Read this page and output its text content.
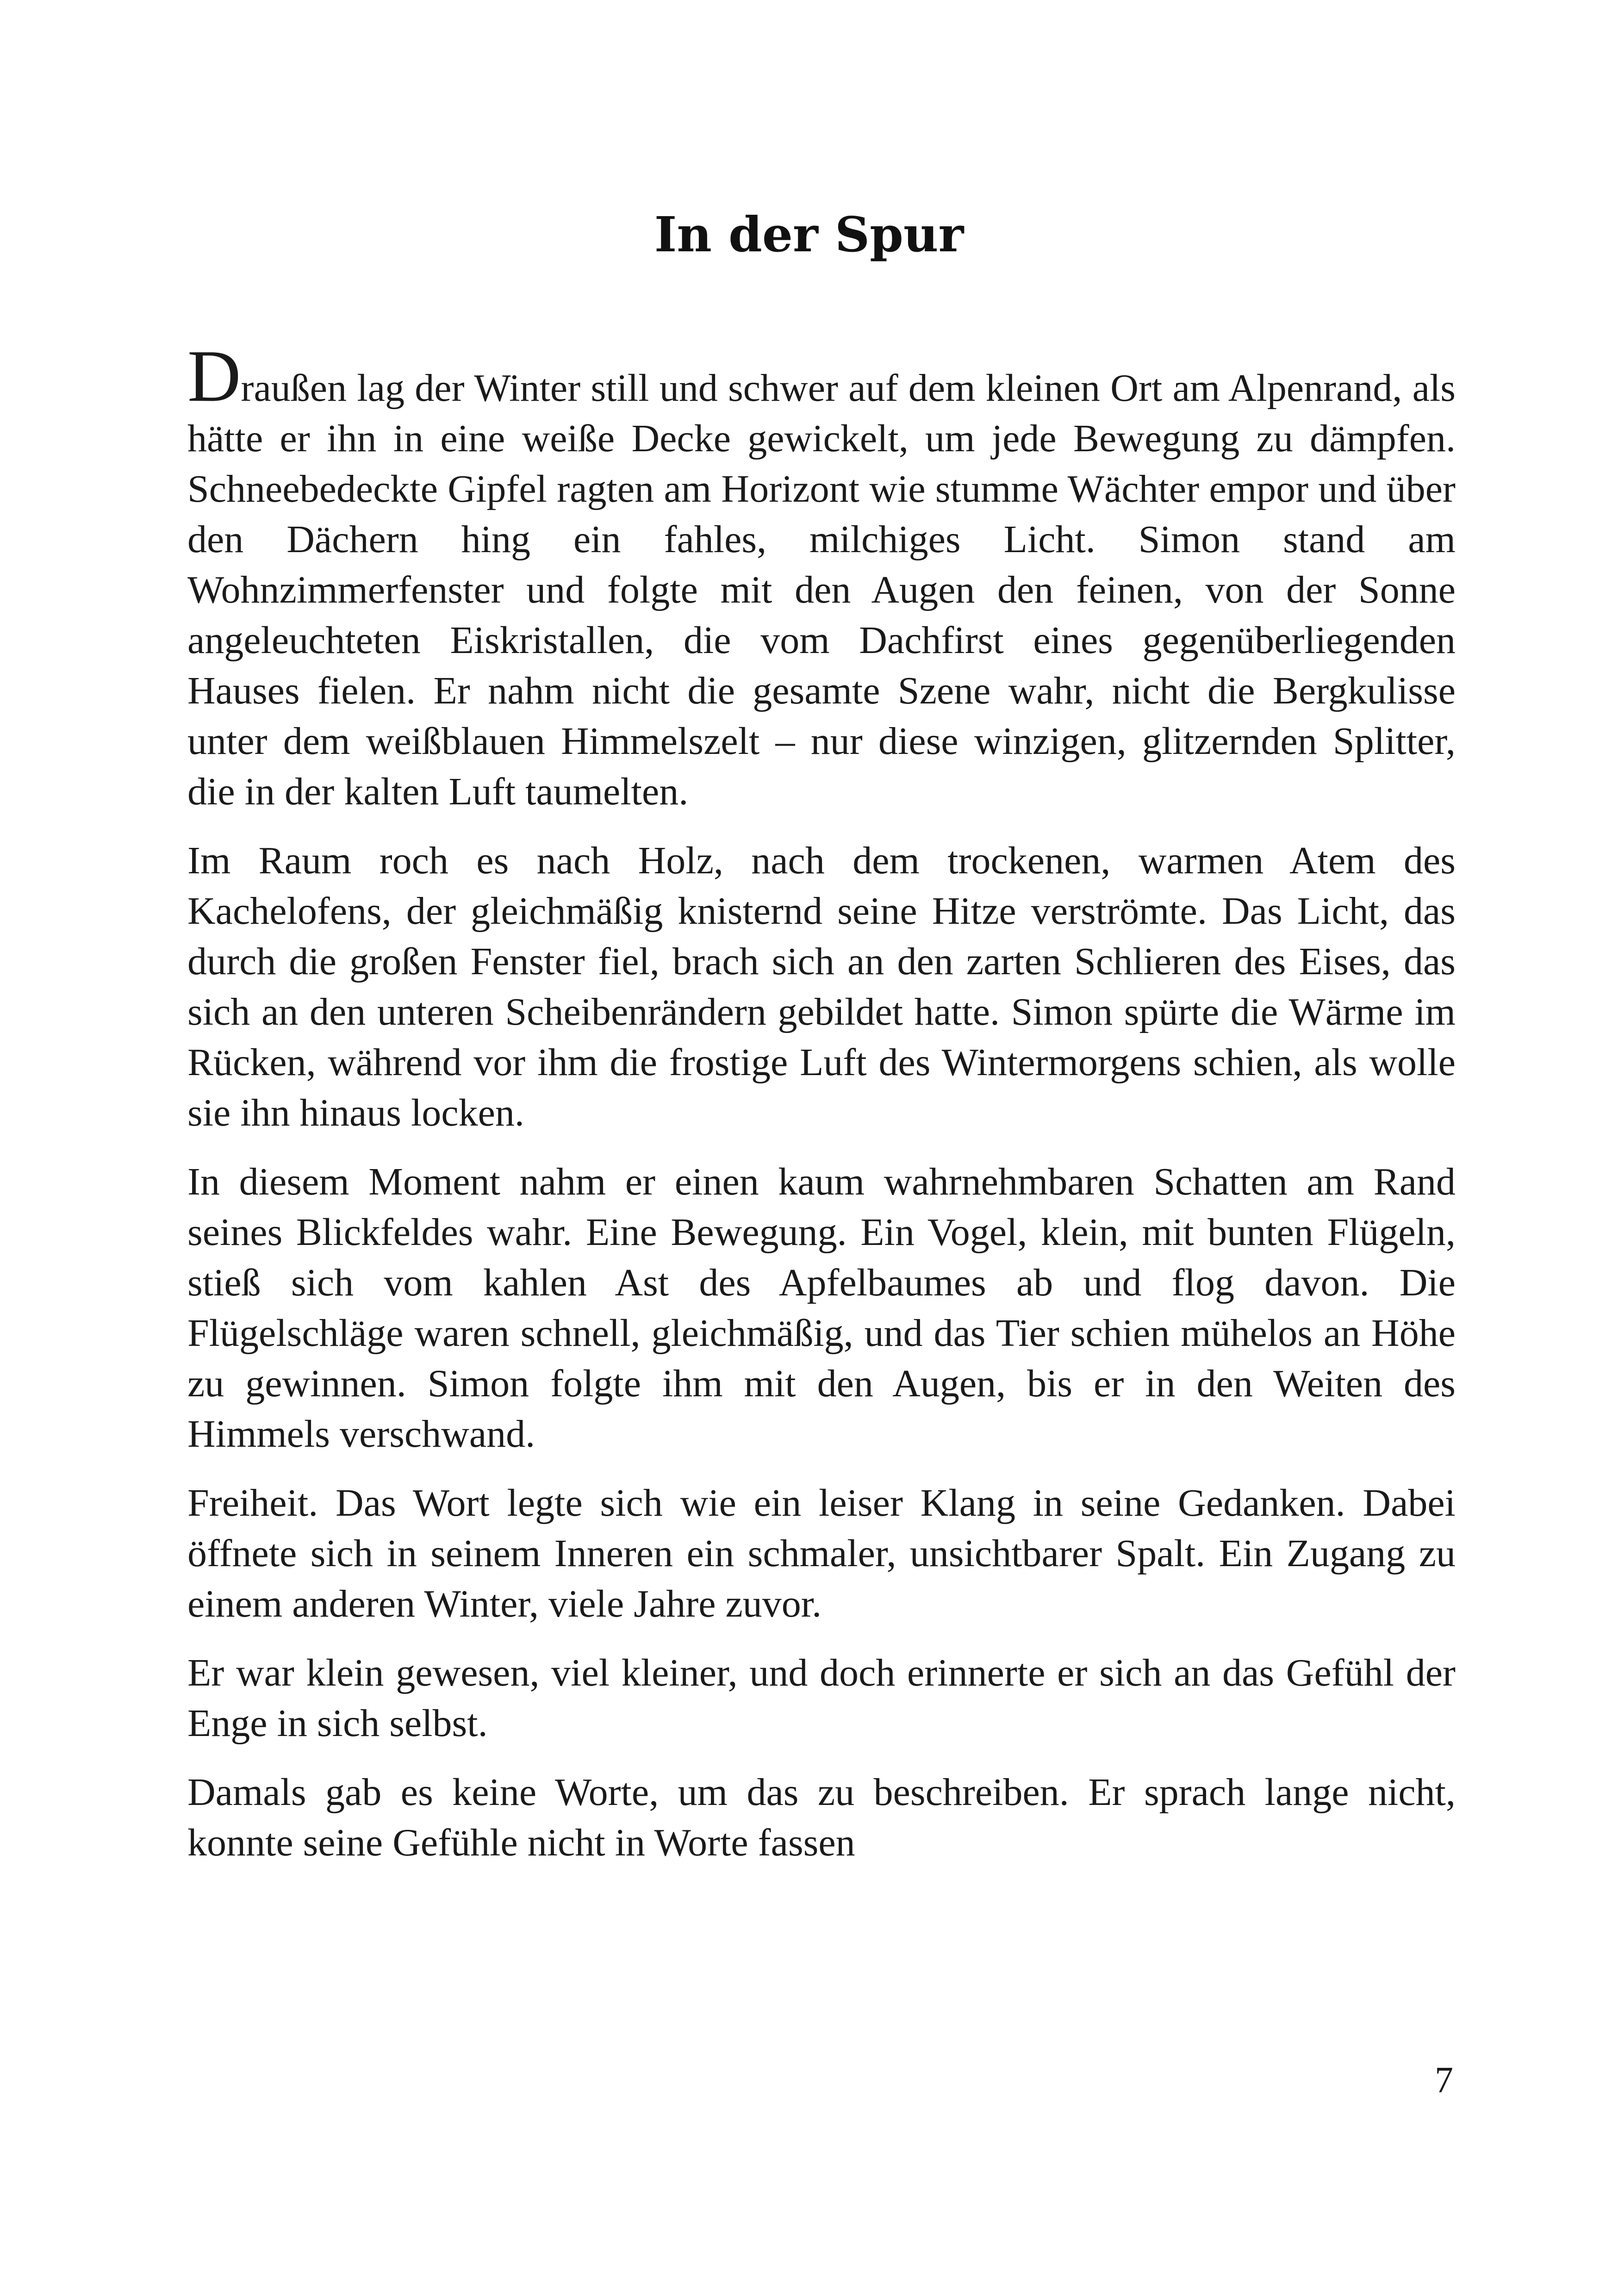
In der Spur

Draußen lag der Winter still und schwer auf dem kleinen Ort am Alpenrand, als hätte er ihn in eine weiße Decke gewickelt, um jede Bewegung zu dämpfen. Schneebedeckte Gipfel ragten am Horizont wie stumme Wächter empor und über den Dächern hing ein fahles, milchiges Licht. Simon stand am Wohnzimmerfenster und folgte mit den Augen den feinen, von der Sonne angeleuchteten Eiskristallen, die vom Dachfirst eines gegenüberliegenden Hauses fielen. Er nahm nicht die gesamte Szene wahr, nicht die Bergkulisse unter dem weißblauen Himmelszelt – nur diese winzigen, glitzernden Splitter, die in der kalten Luft taumelten.

Im Raum roch es nach Holz, nach dem trockenen, warmen Atem des Kachelofens, der gleichmäßig knisternd seine Hitze verströmte. Das Licht, das durch die großen Fenster fiel, brach sich an den zarten Schlieren des Eises, das sich an den unteren Scheibenrändern gebildet hatte. Simon spürte die Wärme im Rücken, während vor ihm die frostige Luft des Wintermorgens schien, als wolle sie ihn hinaus locken.

In diesem Moment nahm er einen kaum wahrnehmbaren Schatten am Rand seines Blickfeldes wahr. Eine Bewegung. Ein Vogel, klein, mit bunten Flügeln, stieß sich vom kahlen Ast des Apfelbaumes ab und flog davon. Die Flügelschläge waren schnell, gleichmäßig, und das Tier schien mühelos an Höhe zu gewinnen. Simon folgte ihm mit den Augen, bis er in den Weiten des Himmels verschwand.

Freiheit. Das Wort legte sich wie ein leiser Klang in seine Gedanken. Dabei öffnete sich in seinem Inneren ein schmaler, unsichtbarer Spalt. Ein Zugang zu einem anderen Winter, viele Jahre zuvor.

Er war klein gewesen, viel kleiner, und doch erinnerte er sich an das Gefühl der Enge in sich selbst.

Damals gab es keine Worte, um das zu beschreiben. Er sprach lange nicht, konnte seine Gefühle nicht in Worte fassen

7
